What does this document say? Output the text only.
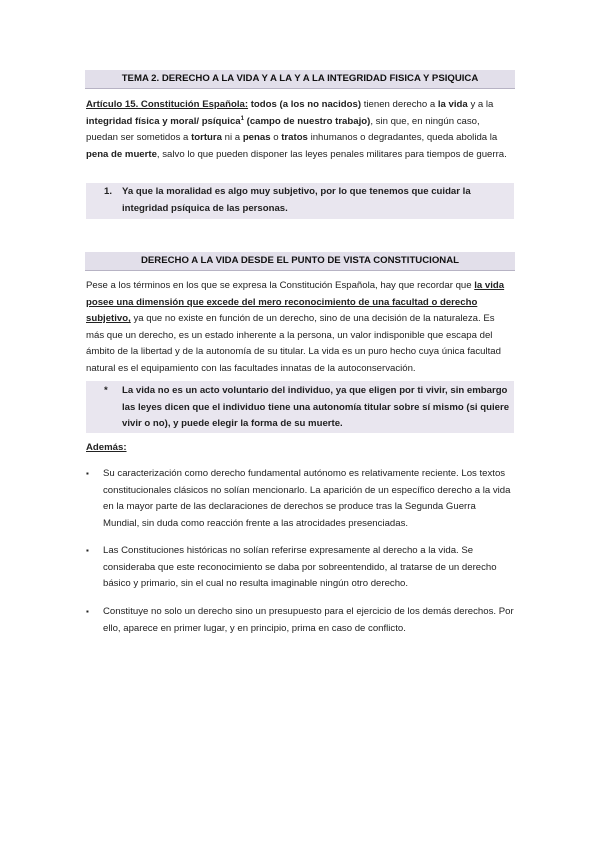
TEMA 2. DERECHO A LA VIDA Y A LA Y A LA INTEGRIDAD FISICA Y PSIQUICA
Artículo 15. Constitución Española: todos (a los no nacidos) tienen derecho a la vida y a la integridad física y moral/ psíquica$^1$ (campo de nuestro trabajo), sin que, en ningún caso, puedan ser sometidos a tortura ni a penas o tratos inhumanos o degradantes, queda abolida la pena de muerte, salvo lo que pueden disponer las leyes penales militares para tiempos de guerra.
1. Ya que la moralidad es algo muy subjetivo, por lo que tenemos que cuidar la integridad psíquica de las personas.
DERECHO A LA VIDA DESDE EL PUNTO DE VISTA CONSTITUCIONAL
Pese a los términos en los que se expresa la Constitución Española, hay que recordar que la vida posee una dimensión que excede del mero reconocimiento de una facultad o derecho subjetivo, ya que no existe en función de un derecho, sino de una decisión de la naturaleza. Es más que un derecho, es un estado inherente a la persona, un valor indisponible que escapa del ámbito de la libertad y de la autonomía de su titular. La vida es un puro hecho cuya única facultad natural es el equipamiento con las facultades innatas de la autoconservación.
* La vida no es un acto voluntario del individuo, ya que eligen por ti vivir, sin embargo las leyes dicen que el individuo tiene una autonomía titular sobre sí mismo (si quiere vivir o no), y puede elegir la forma de su muerte.
Además:
▪ Su caracterización como derecho fundamental autónomo es relativamente reciente. Los textos constitucionales clásicos no solían mencionarlo. La aparición de un específico derecho a la vida en la mayor parte de las declaraciones de derechos se produce tras la Segunda Guerra Mundial, sin duda como reacción frente a las atrocidades presenciadas.
▪ Las Constituciones históricas no solían referirse expresamente al derecho a la vida. Se consideraba que este reconocimiento se daba por sobreentendido, al tratarse de un derecho básico y primario, sin el cual no resulta imaginable ningún otro derecho.
▪ Constituye no solo un derecho sino un presupuesto para el ejercicio de los demás derechos. Por ello, aparece en primer lugar, y en principio, prima en caso de conflicto.
